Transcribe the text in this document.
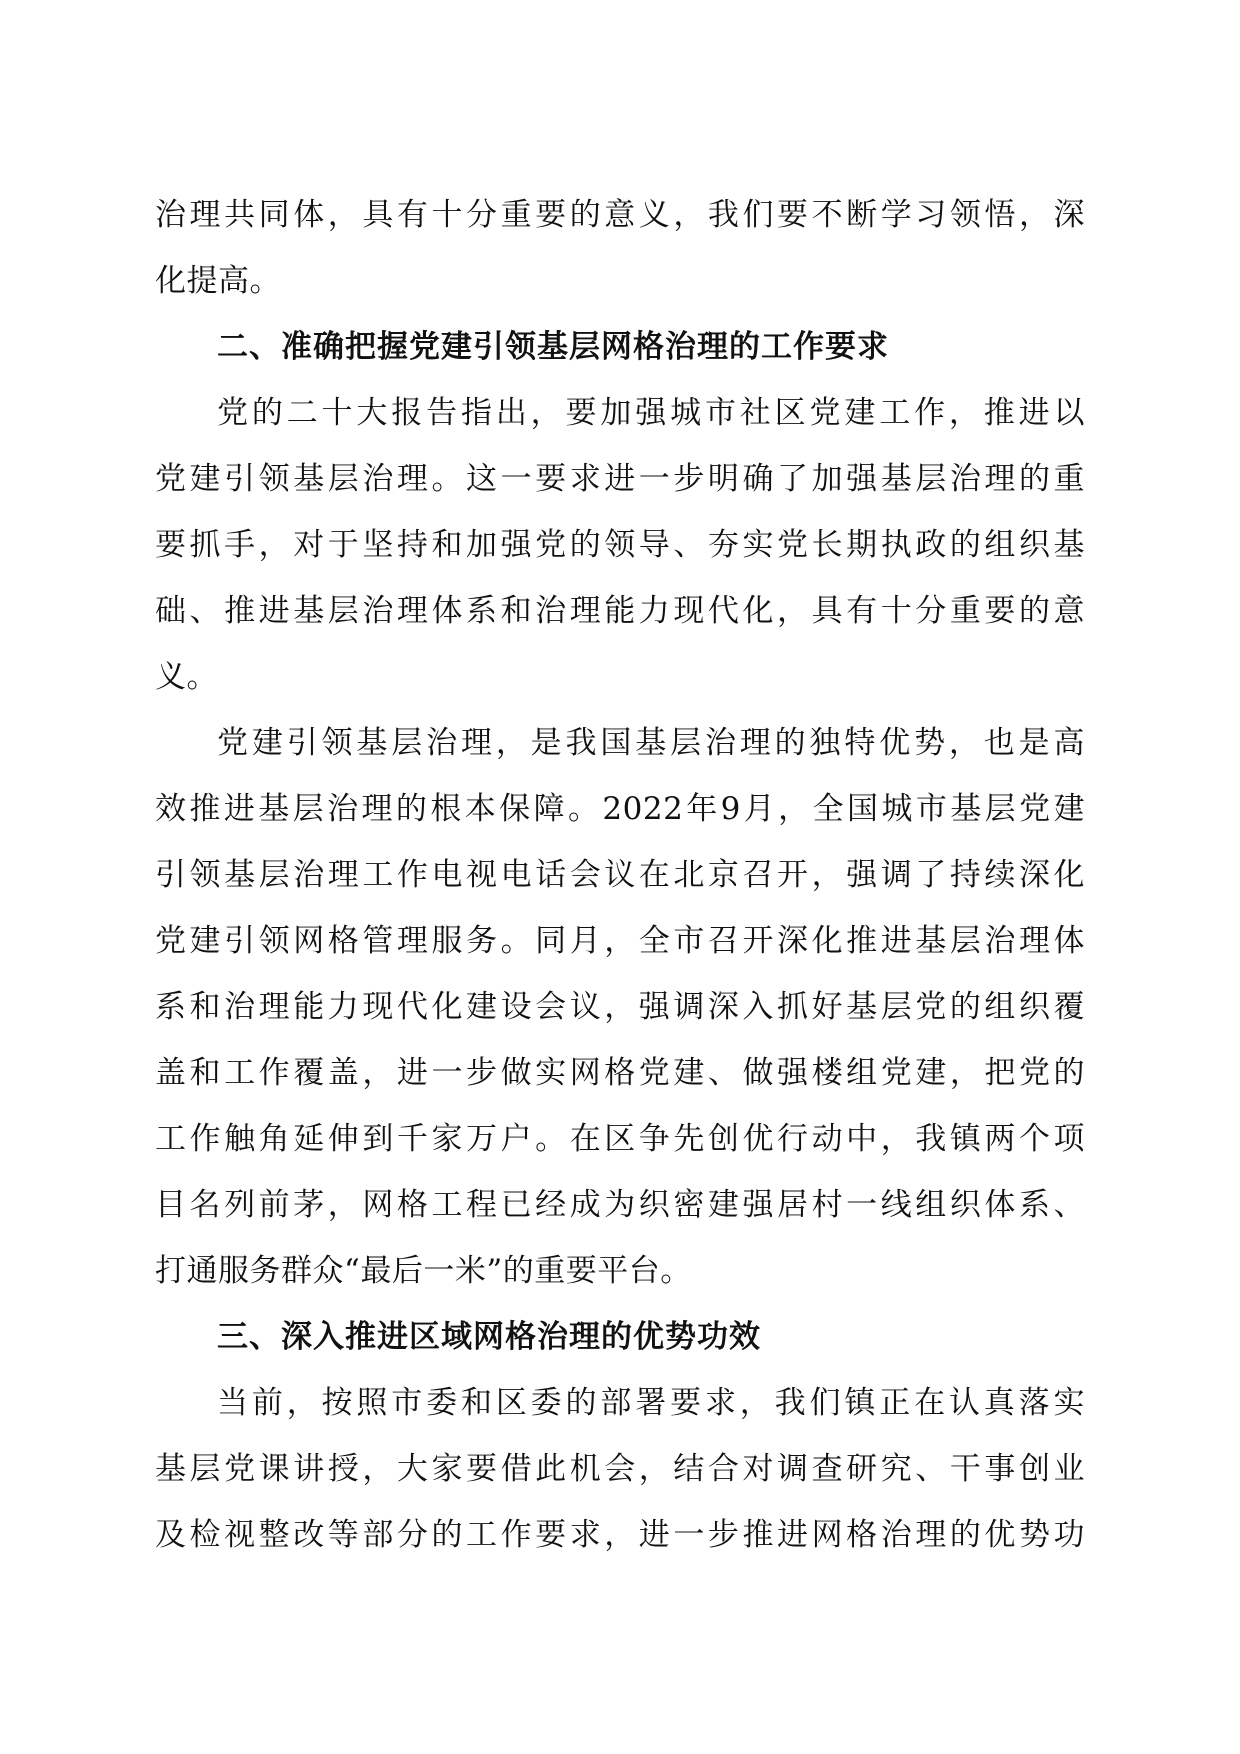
治理共同体，具有十分重要的意义，我们要不断学习领悟，深
化提高。
二、准确把握党建引领基层网格治理的工作要求
党的二十大报告指出，要加强城市社区党建工作，推进以
党建引领基层治理。这一要求进一步明确了加强基层治理的重
要抓手，对于坚持和加强党的领导、夯实党长期执政的组织基
础、推进基层治理体系和治理能力现代化，具有十分重要的意
义。
党建引领基层治理，是我国基层治理的独特优势，也是高
效推进基层治理的根本保障。2022年9月，全国城市基层党建
引领基层治理工作电视电话会议在北京召开，强调了持续深化
党建引领网格管理服务。同月，全市召开深化推进基层治理体
系和治理能力现代化建设会议，强调深入抓好基层党的组织覆
盖和工作覆盖，进一步做实网格党建、做强楼组党建，把党的
工作触角延伸到千家万户。在区争先创优行动中，我镇两个项
目名列前茅，网格工程已经成为织密建强居村一线组织体系、
打通服务群众“最后一米”的重要平台。
三、深入推进区域网格治理的优势功效
当前，按照市委和区委的部署要求，我们镇正在认真落实
基层党课讲授，大家要借此机会，结合对调查研究、干事创业
及检视整改等部分的工作要求，进一步推进网格治理的优势功
